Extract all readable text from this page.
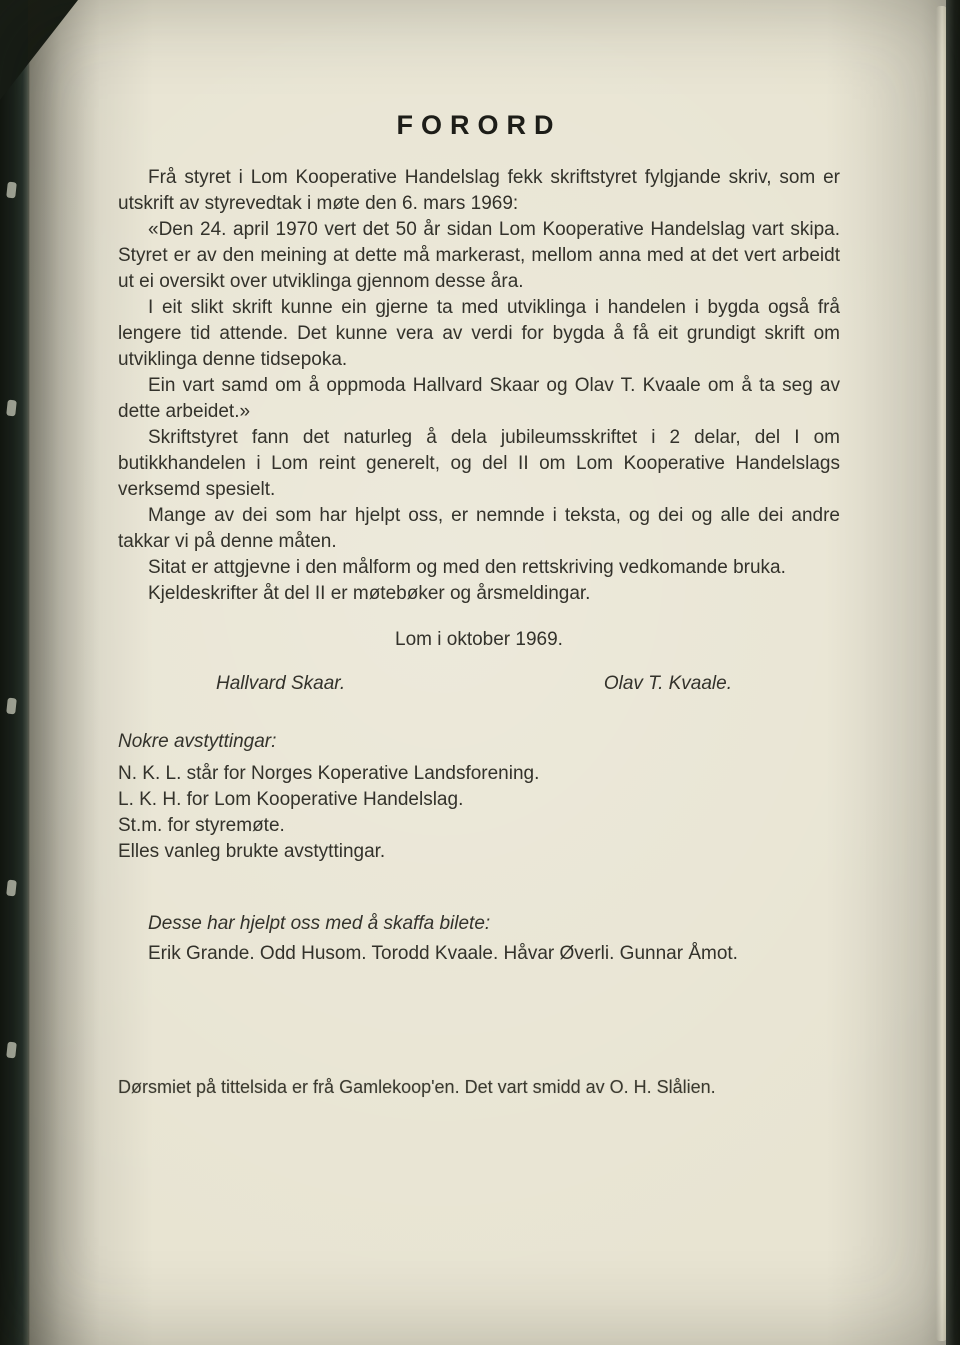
FORORD

Frå styret i Lom Kooperative Handelslag fekk skriftstyret fylgjande skriv, som er utskrift av styrevedtak i møte den 6. mars 1969:

«Den 24. april 1970 vert det 50 år sidan Lom Kooperative Handelslag vart skipa. Styret er av den meining at dette må markerast, mellom anna med at det vert arbeidt ut ei oversikt over utviklinga gjennom desse åra.

I eit slikt skrift kunne ein gjerne ta med utviklinga i handelen i bygda også frå lengere tid attende. Det kunne vera av verdi for bygda å få eit grundigt skrift om utviklinga denne tidsepoka.

Ein vart samd om å oppmoda Hallvard Skaar og Olav T. Kvaale om å ta seg av dette arbeidet.»

Skriftstyret fann det naturleg å dela jubileumsskriftet i 2 delar, del I om butikkhandelen i Lom reint generelt, og del II om Lom Kooperative Handelslags verksemd spesielt.

Mange av dei som har hjelpt oss, er nemnde i teksta, og dei og alle dei andre takkar vi på denne måten.

Sitat er attgjevne i den målform og med den rettskriving vedkomande bruka.

Kjeldeskrifter åt del II er møtebøker og årsmeldingar.

Lom i oktober 1969.
Hallvard Skaar.	Olav T. Kvaale.
Nokre avstyttingar:
N. K. L. står for Norges Koperative Landsforening.
L. K. H. for Lom Kooperative Handelslag.
St.m. for styremøte.
Elles vanleg brukte avstyttingar.
Desse har hjelpt oss med å skaffa bilete:
Erik Grande. Odd Husom. Torodd Kvaale. Håvar Øverli. Gunnar Åmot.
Dørsmiet på tittelsida er frå Gamlekoop'en. Det vart smidd av O. H. Slålien.
